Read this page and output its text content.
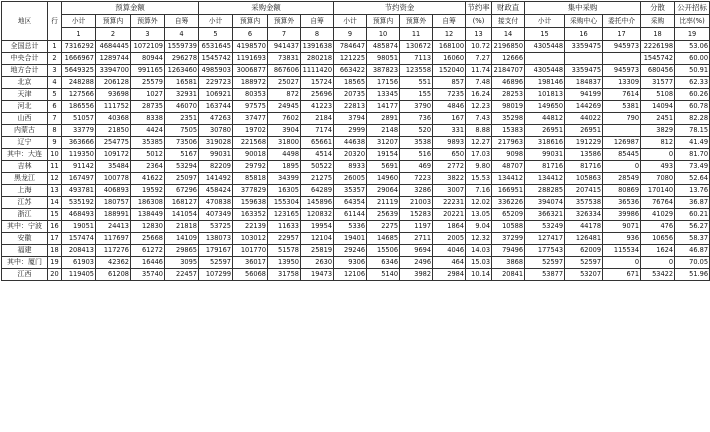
地区	行	预算金额				采购金额				节约资金				节约率	财政直	集中采购			分散	公开招标
		小计	预算内	预算外	自筹	小计	预算内	预算外	自筹	小计	预算内	预算外	自筹	(%)	接支付	小计	采购中心	委托中介	采购	比率(%)
		1	2	3	4	5	6	7	8	9	10	11	12	13	14	15	16	17	18	19
全国总计	1	7316292	4684445	1072109	1559739	6531645	4198570	941437	1391638	784647	485874	130672	168100	10.72	2196850	4305448	3359475	945973	2226198	53.06
中央合计	2	1666967	1289744	80944	296278	1545742	1191693	73831	280218	121225	98051	7113	16060	7.27	12666				1545742	60.00
地方合计	3	5649325	3394700	991165	1263460	4985903	3006877	867606	1111420	663422	387823	123558	152040	11.74	2184707	4305448	3359475	945973	680456	50.91
北京	4	248288	206128	25579	16581	229723	188972	25027	15724	18565	17156	551	857	7.48	46896	198146	184837	13309	31577	62.33
天津	5	127566	93698	1027	32931	106921	80353	872	25696	20735	13345	155	7235	16.24	28253	101813	94199	7614	5108	60.26
河北	6	186556	111752	28735	46070	163744	97575	24945	41223	22813	14177	3790	4846	12.23	98019	149650	144269	5381	14094	60.78
山西	7	51057	40368	8338	2351	47263	37477	7602	2184	3794	2891	736	167	7.43	35298	44812	44022	790	2451	82.28
内蒙古	8	33779	21850	4424	7505	30780	19702	3904	7174	2999	2148	520	331	8.88	15383	26951	26951		3829	78.15
辽宁	9	363666	254775	35385	73506	319028	221568	31800	65661	44638	31207	3538	9893	12.27	217963	318616	191229	126987	812	41.49
其中：大连	10	119350	109172	5012	5167	99031	90018	4498	4514	20320	19154	516	650	17.03	9098	99031	13586	85445	0	81.70
吉林	11	91142	35484	2364	53294	82209	29792	1895	50522	8933	5691	469	2772	9.80	48707	81716	81716	0	493	73.49
黑龙江	12	167497	100778	41622	25097	141492	85818	34399	21275	26005	14960	7223	3822	15.53	134412	134412	105863	28549	7080	52.64
上海	13	493781	406893	19592	67296	458424	377829	16305	64289	35357	29064	3286	3007	7.16	166951	288285	207415	80869	170140	13.76
江苏	14	535192	180757	186308	168127	470838	159638	155304	145896	64354	21119	21003	22231	12.02	336226	394074	357538	36536	76764	36.87
浙江	15	468493	188991	138449	141054	407349	163352	123165	120832	61144	25639	15283	20221	13.05	65209	366321	326334	39986	41029	60.21
其中：宁波	16	19051	24413	12830	21818	53725	22139	11633	19954	5336	2275	1197	1864	9.04	10588	53249	44178	9071	476	56.27
安徽	17	157474	117697	25668	14109	138073	103012	22957	12104	19401	14685	2711	2005	12.32	37299	127417	126481	936	10656	58.37
福建	18	208413	117276	61272	29865	179167	101770	51578	25819	29246	15506	9694	4046	14.03	79496	177543	62009	115534	1624	46.87
其中：厦门	19	61903	42362	16446	3095	52597	36017	13950	2630	9306	6346	2496	464	15.03	3868	52597	52597	0	0	70.05
江西	20	119405	61208	35740	22457	107299	56068	31758	19473	12106	5140	3982	2984	10.14	20841	53877	53207	671	53422	51.96
